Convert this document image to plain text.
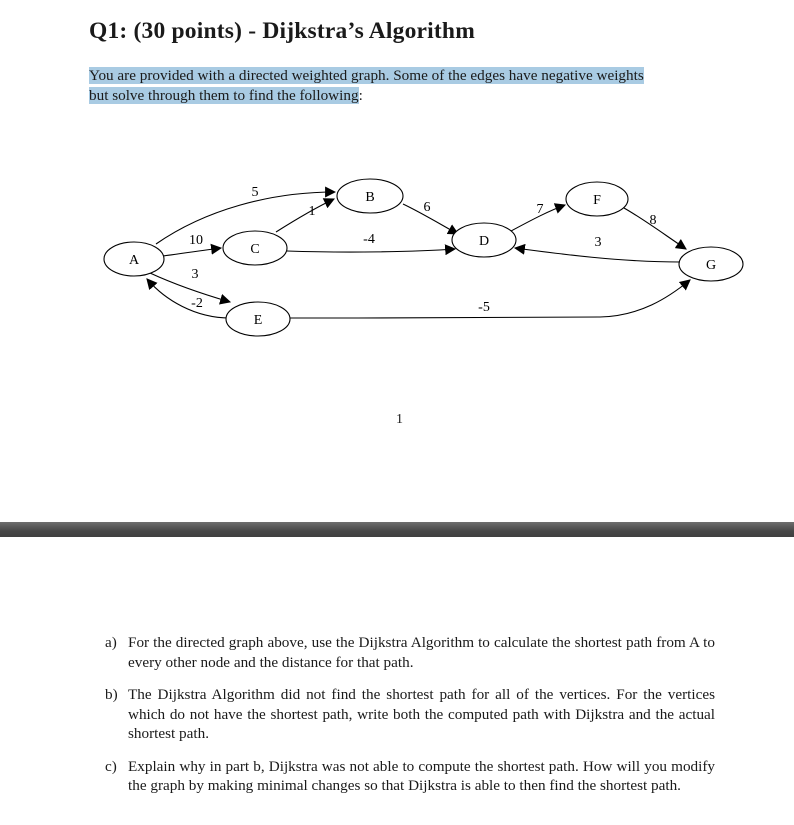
Q1: (30 points) - Dijkstra’s Algorithm
You are provided with a directed weighted graph. Some of the edges have negative weights
but solve through them to find the following:
A
B
C
D
E
F
G
5
10
3
-2
1
-4
6	7
8
3
-5
1
a) For the directed graph above, use the Dijkstra Algorithm to calculate the shortest path from A to every other node and the distance for that path.
b) The Dijkstra Algorithm did not find the shortest path for all of the vertices. For the vertices which do not have the shortest path, write both the computed path with Dijkstra and the actual shortest path.
c) Explain why in part b, Dijkstra was not able to compute the shortest path. How will you modify the graph by making minimal changes so that Dijkstra is able to then find the shortest path.
